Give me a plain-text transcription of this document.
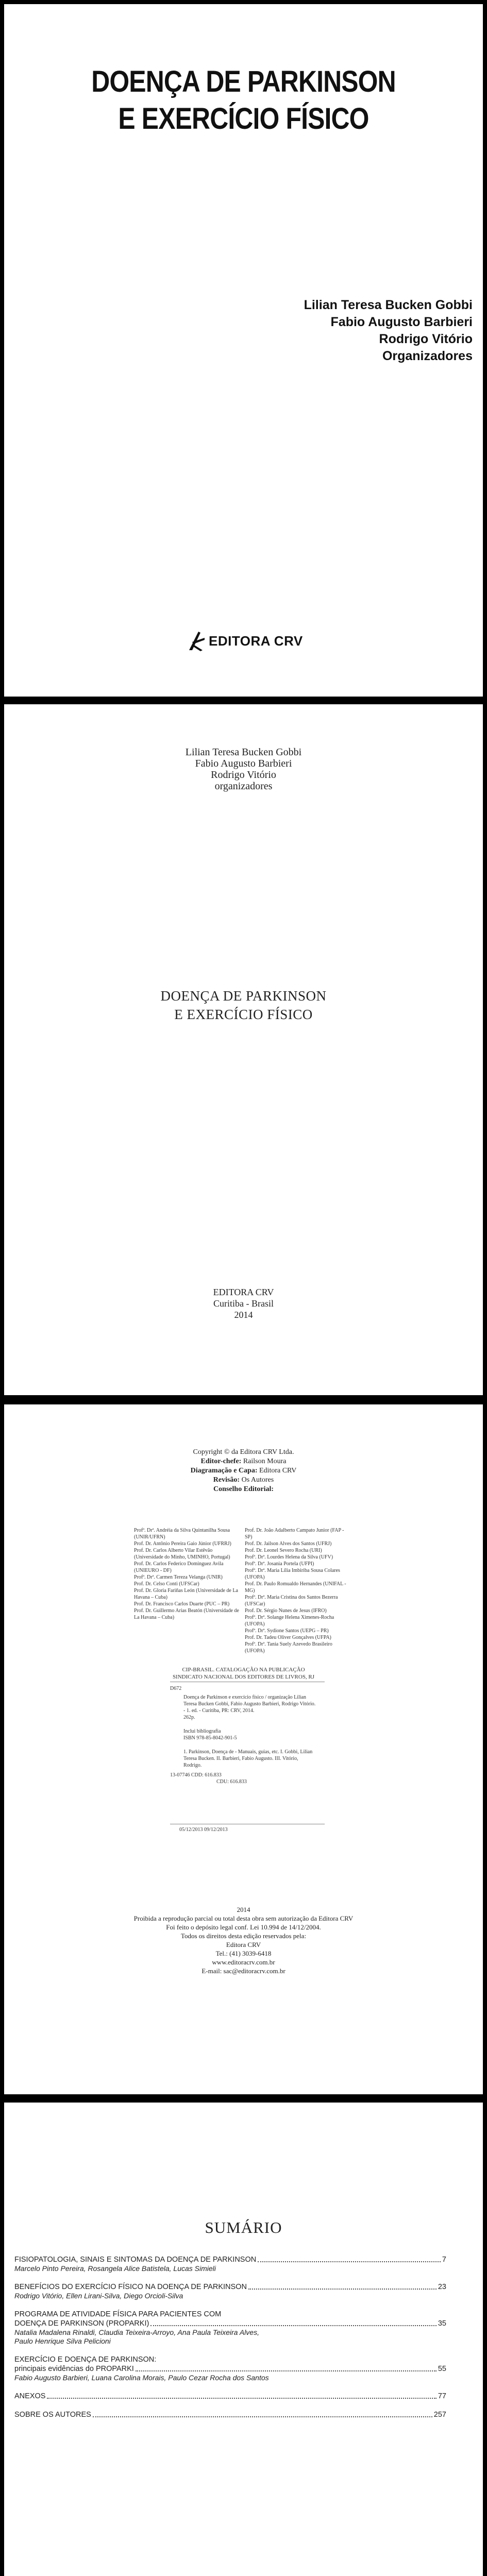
DOENÇA DE PARKINSON
E EXERCÍCIO FÍSICO
Lilian Teresa Bucken Gobbi
Fabio Augusto Barbieri
Rodrigo Vitório
Organizadores
EDITORA CRV
Lilian Teresa Bucken Gobbi
Fabio Augusto Barbieri
Rodrigo Vitório
organizadores
DOENÇA DE PARKINSON
E EXERCÍCIO FÍSICO
EDITORA CRV
Curitiba - Brasil
2014
Copyright © da Editora CRV Ltda.
Editor-chefe: Railson Moura
Diagramação e Capa: Editora CRV
Revisão: Os Autores
Conselho Editorial:
Profª. Drª. Andréia da Silva Quintanilha Sousa (UNIR/UFRN)
Prof. Dr. Antônio Pereira Gaio Júnior (UFRRJ)
Prof. Dr. Carlos Alberto Vilar Estêvão (Universidade do Minho, UMINHO, Portugal)
Prof. Dr. Carlos Federico Dominguez Avila (UNIEURO - DF)
Profª. Drª. Carmen Tereza Velanga (UNIR)
Prof. Dr. Celso Conti (UFSCar)
Prof. Dr. Gloria Fariñas León (Universidade de La Havana – Cuba)
Prof. Dr. Francisco Carlos Duarte (PUC – PR)
Prof. Dr. Guillermo Arias Beatón (Universidade de La Havana – Cuba)
Prof. Dr. João Adalberto Campato Junior (FAP - SP)
Prof. Dr. Jailson Alves dos Santos (UFRJ)
Prof. Dr. Leonel Severo Rocha (URI)
Profª. Drª. Lourdes Helena da Silva (UFV)
Profª. Drª. Josania Portela (UFPI)
Profª. Drª. Maria Lília Imbiriba Sousa Colares (UFOPA)
Prof. Dr. Paulo Romualdo Hernandes (UNIFAL - MG)
Profª. Drª. Maria Cristina dos Santos Bezerra (UFSCar)
Prof. Dr. Sérgio Nunes de Jesus (IFRO)
Profª. Drª. Solange Helena Ximenes-Rocha (UFOPA)
Profª. Drª. Sydione Santos (UEPG – PR)
Prof. Dr. Tadeu Oliver Gonçalves (UFPA)
Profª. Drª. Tania Suely Azevedo Brasileiro (UFOPA)
CIP-BRASIL. CATALOGAÇÃO NA PUBLICAÇÃO
SINDICATO NACIONAL DOS EDITORES DE LIVROS, RJ
D672

Doença de Parkinson e exercício físico / organização Lilian Teresa Bucken Gobbi, Fabio Augusto Barbieri, Rodrigo Vitório. - 1. ed. - Curitiba, PR: CRV, 2014.

262p.

Inclui bibliografia

ISBN 978-85-8042-901-5

1. Parkinson, Doença de - Manuais, guias, etc. I. Gobbi, Lilian Teresa Bucken. II. Barbieri, Fabio Augusto. III. Vitório, Rodrigo.

13-07746 CDD: 616.833

CDU: 616.833

05/12/2013 09/12/2013
2014
Proibida a reprodução parcial ou total desta obra sem autorização da Editora CRV
Foi feito o depósito legal conf. Lei 10.994 de 14/12/2004.
Todos os direitos desta edição reservados pela:
Editora CRV
Tel.: (41) 3039-6418
www.editoracrv.com.br
E-mail: sac@editoracrv.com.br
SUMÁRIO
FISIOPATOLOGIA, SINAIS E SINTOMAS DA DOENÇA DE PARKINSON	7
Marcelo Pinto Pereira, Rosangela Alice Batistela, Lucas Simieli
BENEFÍCIOS DO EXERCÍCIO FÍSICO NA DOENÇA DE PARKINSON	23
Rodrigo Vitório, Ellen Lirani-Silva, Diego Orcioli-Silva
PROGRAMA DE ATIVIDADE FÍSICA PARA PACIENTES COM
DOENÇA DE PARKINSON (PROPARKI)	35
Natalia Madalena Rinaldi, Claudia Teixeira-Arroyo, Ana Paula Teixeira Alves,
Paulo Henrique Silva Pelicioni
EXERCÍCIO E DOENÇA DE PARKINSON:
principais evidências do PROPARKI	55
Fabio Augusto Barbieri, Luana Carolina Morais, Paulo Cezar Rocha dos Santos
ANEXOS	77
SOBRE OS AUTORES	257
